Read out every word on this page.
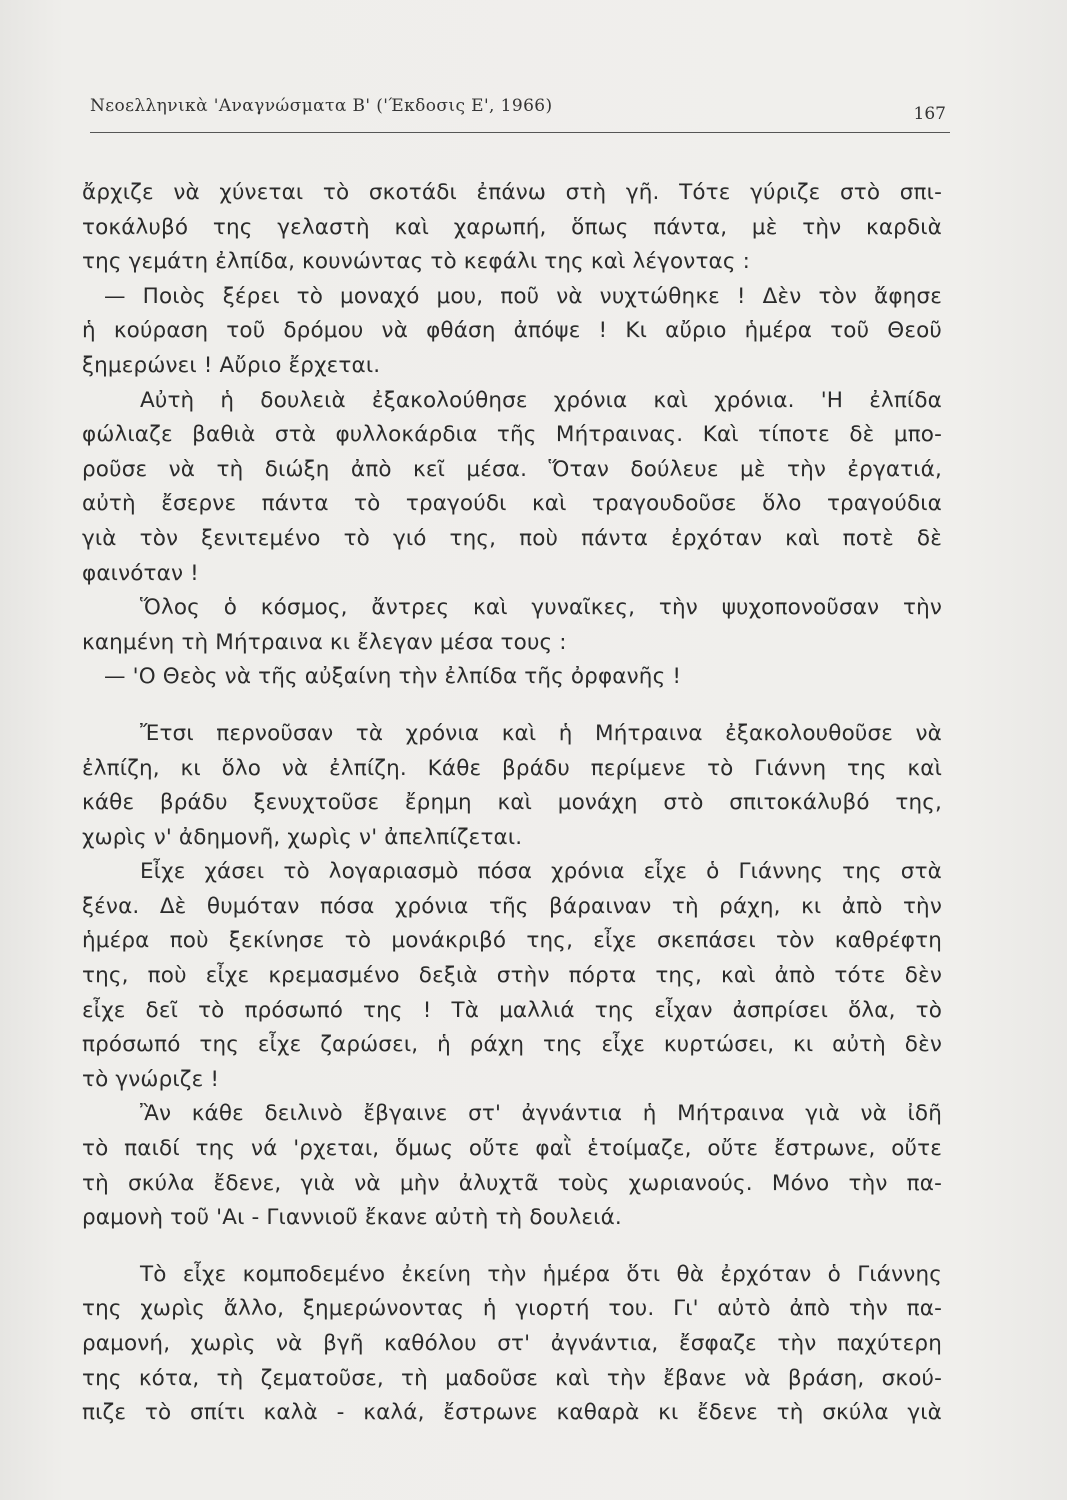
Νεοελληνικὰ 'Αναγνώσματα Β' ('Έκδοσις Ε', 1966)	167
ἄρχιζε νὰ χύνεται τὸ σκοτάδι ἐπάνω στὴ γῆ. Τότε γύριζε στὸ σπι-
τοκάλυβό της γελαστὴ καὶ χαρωπή, ὅπως πάντα, μὲ τὴν καρδιὰ
της γεμάτη ἐλπίδα, κουνώντας τὸ κεφάλι της καὶ λέγοντας :
— Ποιὸς ξέρει τὸ μοναχό μου, ποῦ νὰ νυχτώθηκε ! Δὲν τὸν ἄφησε
ἡ κούραση τοῦ δρόμου νὰ φθάση ἀπόψε ! Κι αὔριο ἡμέρα τοῦ Θεοῦ
ξημερώνει ! Αὔριο ἔρχεται.
Αὐτὴ ἡ δουλειὰ ἐξακολούθησε χρόνια καὶ χρόνια. 'Η ἐλπίδα
φώλιαζε βαθιὰ στὰ φυλλοκάρδια τῆς Μήτραινας. Καὶ τίποτε δὲ μπο-
ροῦσε νὰ τὴ διώξη ἀπὸ κεῖ μέσα. Ὅταν δούλευε μὲ τὴν ἐργατιά,
αὐτὴ ἔσερνε πάντα τὸ τραγούδι καὶ τραγουδοῦσε ὅλο τραγούδια
γιὰ τὸν ξενιτεμένο τὸ γιό της, ποὺ πάντα ἐρχόταν καὶ ποτὲ δὲ
φαινόταν !
Ὅλος ὁ κόσμος, ἄντρες καὶ γυναῖκες, τὴν ψυχοπονοῦσαν τὴν
καημένη τὴ Μήτραινα κι ἔλεγαν μέσα τους :
— 'Ο Θεὸς νὰ τῆς αὐξαίνη τὴν ἐλπίδα τῆς ὀρφανῆς !
Ἔτσι περνοῦσαν τὰ χρόνια καὶ ἡ Μήτραινα ἐξακολουθοῦσε νὰ
ἐλπίζη, κι ὅλο νὰ ἐλπίζη. Κάθε βράδυ περίμενε τὸ Γιάννη της καὶ
κάθε βράδυ ξενυχτοῦσε ἔρημη καὶ μονάχη στὸ σπιτοκάλυβό της,
χωρὶς ν' ἀδημονῆ, χωρὶς ν' ἀπελπίζεται.
Εἶχε χάσει τὸ λογαριασμὸ πόσα χρόνια εἶχε ὁ Γιάννης της στὰ
ξένα. Δὲ θυμόταν πόσα χρόνια τῆς βάραιναν τὴ ράχη, κι ἀπὸ τὴν
ἡμέρα ποὺ ξεκίνησε τὸ μονάκριβό της, εἶχε σκεπάσει τὸν καθρέφτη
της, ποὺ εἶχε κρεμασμένο δεξιὰ στὴν πόρτα της, καὶ ἀπὸ τότε δὲν
εἶχε δεῖ τὸ πρόσωπό της ! Τὰ μαλλιά της εἶχαν ἀσπρίσει ὅλα, τὸ
πρόσωπό της εἶχε ζαρώσει, ἡ ράχη της εἶχε κυρτώσει, κι αὐτὴ δὲν
τὸ γνώριζε !
Ἂν κάθε δειλινὸ ἔβγαινε στ' ἀγνάντια ἡ Μήτραινα γιὰ νὰ ἰδῆ
τὸ παιδί της νά 'ρχεται, ὅμως οὔτε φαῒ ἑτοίμαζε, οὔτε ἔστρωνε, οὔτε
τὴ σκύλα ἔδενε, γιὰ νὰ μὴν ἀλυχτᾶ τοὺς χωριανούς. Μόνο τὴν πα-
ραμονὴ τοῦ 'Αι - Γιαννιοῦ ἔκανε αὐτὴ τὴ δουλειά.
Τὸ εἶχε κομποδεμένο ἐκείνη τὴν ἡμέρα ὅτι θὰ ἐρχόταν ὁ Γιάννης
της χωρὶς ἄλλο, ξημερώνοντας ἡ γιορτή του. Γι' αὐτὸ ἀπὸ τὴν πα-
ραμονή, χωρὶς νὰ βγῆ καθόλου στ' ἀγνάντια, ἔσφαζε τὴν παχύτερη
της κότα, τὴ ζεματοῦσε, τὴ μαδοῦσε καὶ τὴν ἔβανε νὰ βράση, σκού-
πιζε τὸ σπίτι καλὰ - καλά, ἔστρωνε καθαρὰ κι ἔδενε τὴ σκύλα γιὰ
